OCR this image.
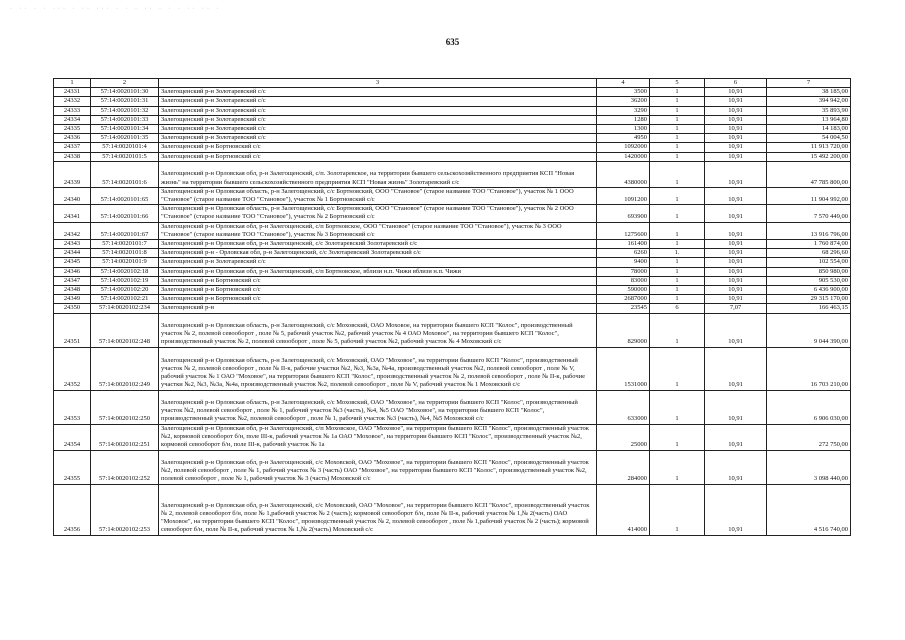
· ·· · · ··· · ·· ··· · · · ·· · · · ·· ·· ·
635
1	2	3	4	5	6	7
24331	57:14:0020101:30	Залегощенский р-н Золотаревский с/с	3500	1	10,91	38 185,00
24332	57:14:0020101:31	Залегощенский р-н Золотаревский с/с	36200	1	10,91	394 942,00
24333	57:14:0020101:32	Залегощенский р-н Золотаревский с/с	3290	1	10,91	35 893,90
24334	57:14:0020101:33	Залегощенский р-н Золотаревский с/с	1280	1	10,91	13 964,80
24335	57:14:0020101:34	Залегощенский р-н Золотаревский с/с	1300	1	10,91	14 183,00
24336	57:14:0020101:35	Залегощенский р-н Золотаревский с/с	4950	1	10,91	54 004,50
24337	57:14:0020101:4	Залегощенский р-н Бортновский с/с	1092000	1	10,91	11 913 720,00
24338	57:14:0020101:5	Залегощенский р-н Бортновский с/с	1420000	1	10,91	15 492 200,00
24339	57:14:0020101:6	Залегощенский р-н Орловская обл, р-н Залегощенский, с/п. Золотаревское, на территории бывшего сельскохозяйственного предприятия КСП "Новая жизнь" на территории бывшего сельскохозяйственного предприятия КСП "Новая жизнь" Золотаревский с/с	4380000	1	10,91	47 785 800,00
24340	57:14:0020101:65	Залегощенский р-н Орловская область, р-н Залегощенский, с/с Бортновский, ООО "Становое" (старое название ТОО "Становое"), участок № 1 ООО "Становое" (старое название ТОО "Становое"), участок № 1 Бортновский с/с	1091200	1	10,91	11 904 992,00
24341	57:14:0020101:66	Залегощенский р-н Орловская область, р-н Залегощенский, с/с Бортновский, ООО "Становое" (старое название ТОО "Становое"), участок № 2 ООО "Становое" (старое название ТОО "Становое"), участок № 2 Бортновский с/с	693900	1	10,91	7 570 449,00
24342	57:14:0020101:67	Залегощенский р-н Орловская обл, р-н Залегощенский, с/п Бортновское, ООО "Становое" (старое название ТОО "Становое"), участок № 3 ООО "Становое" (старое название ТОО "Становое"), участок № 3 Бортновский с/с	1275600	1	10,91	13 916 796,00
24343	57:14:0020101:7	Залегощенский р-н Орловская обл, р-н Залегощенский, с/с Золотаревский Золотаревский с/с	161400	1	10,91	1 760 874,00
24344	57:14:0020101:8	Залегощенский р-н - Орловская обл, р-н Залегощенский, с/с Золотаревский Золотаревский с/с	6260	1.	10,91	68 296,60
24345	57:14:0020101:9	Залегощенский р-н Золотаревский с/с	9400	1	10,91	102 554,00
24346	57:14:0020102:18	Залегощенский р-н Орловская обл, р-н Залегощенский, с/п Бортновское, вблизи н.п. Чижи вблизи н.п. Чижи	78000	1	10,91	850 980,00
24347	57:14:0020102:19	Залегощенский р-н Бортновский с/с	83000	1	10,91	905 530,00
24348	57:14:0020102:20	Залегощенский р-н Бортновский с/с	590000	1	10,91	6 436 900,00
24349	57:14:0020102:21	Залегощенский р-н Бортновский с/с	2687000	1	10,91	29 315 170,00
24350	57:14:0020102:234	Залегощенский р-н	23545	6	7,07	166 463,15
24351	57:14:0020102:248	Залегощенский р-н Орловская область, р-н Залегощенский, с/с Моховский, ОАО Моховое, на территории бывшего КСП "Колос", производственный участок № 2, полевой севооборот , поле № 5, рабочий участок №2, рабочий участок № 4 ОАО Моховое", на территории бывшего КСП "Колос", производственный участок № 2, полевой севооборот , поле № 5, рабочий участок №2, рабочий участок № 4 Моховский с/с	829000	1	10,91	9 044 390,00
24352	57:14:0020102:249	Залегощенский р-н Орловская область, р-н Залегощенский, с/с Моховский, ОАО "Моховое", на территории бывшего КСП "Колос", производственный участок № 2, полевой севооборот , поле № II-к, рабочие участки №2, №3, №3а, №4а, производственный участок №2, полевой севооборот , поле № V, рабочий участок № 1 ОАО "Моховое", на территории бывшего КСП "Колос", производственный участок № 2, полевой севооборот , поле № II-к, рабочие участки №2, №3, №3а, №4а, производственный участок №2, полевой севооборот , поле № V, рабочий участок № 1 Моховский с/с	1531000	1	10,91	16 703 210,00
24353	57:14:0020102:250	Залегощенский р-н Орловская область, р-н Залегощенский, с/с Моховский, ОАО "Моховое", на территории бывшего КСП "Колос", производственный участок №2, полевой севооборот , поле № 1, рабочий участок №3 (часть), №4, №5 ОАО "Моховое", на территории бывшего КСП "Колос", производственный участок №2, полевой севооборот , поле № 1, рабочий участок №3 (часть), №4, №5 Моховской с/с	633000	1	10,91	6 906 030,00
24354	57:14:0020102:251	Залегощенский р-н Орловская обл, р-н Залегощенский, с/п Моховское, ОАО "Моховое", на территории бывшего КСП "Колос", производственный участок №2, кормовой севооборот б/н, поле III-к, рабочий участок № 1а ОАО "Моховое", на территории бывшего КСП "Колос", производственный участок №2, кормовой севооборот б/н, поле III-к, рабочий участок № 1а	25000	1	10,91	272 750,00
24355	57:14:0020102:252	Залегощенский р-н Орловская обл, р-н Залегощенский, с/с Моховской, ОАО "Моховое", на территории бывшего КСП "Колос", производственный участок №2, полевой севооборот , поле № 1, рабочий участок № 3 (часть) ОАО "Моховое", на территории бывшего КСП "Колос", производственный участок №2, полевой севооборот , поле № 1, рабочий участок № 3 (часть) Моховской с/с	284000	1	10,91	3 098 440,00
24356	57:14:0020102:253	Залегощенский р-н Орловская обл, р-н Залегощенский, с/с Моховский, ОАО "Моховое", на территории бывшего КСП "Колос", производственный участок № 2, полевой севооборот б/н, поле № 1,рабочий участок № 2 (часть); кормовой севооборот б/н, поле № II-к, рабочий участок № 1,№ 2(часть) ОАО "Моховое", на территории бывшего КСП "Колос", производственный участок № 2, полевой севооборот , поле № 1,рабочий участок № 2 (часть); кормовой севооборот б/н, поле № II-к, рабочий участок № 1,№ 2(часть) Моховский с/с	414000	1	10,91	4 516 740,00
